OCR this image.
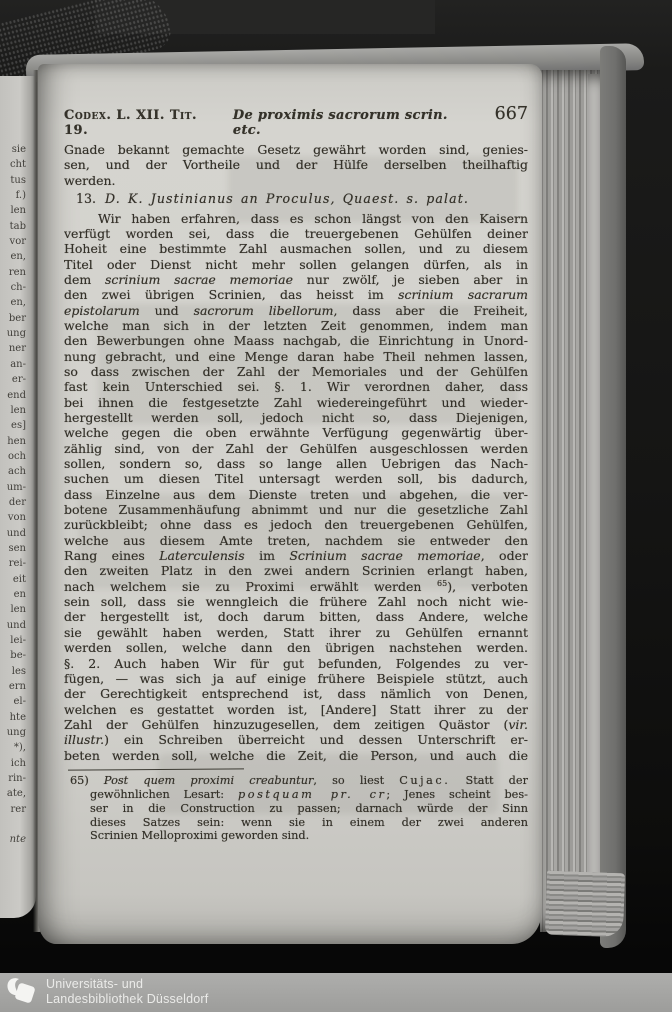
sie
cht
tus
f.)
len
tab
vor
en,
ren
ch-
en,
ber
ung
ner
an-
er-
end
len
es]
hen
och
ach
um-
der
von
und
sen
rei-
eit
en
len
und
lei-
be-
les
ern
el-
hte
ung
*),
ich
rin-
ate,
rer

nte
Codex. L. XII. Tit. 19.
De proximis sacrorum scrin. etc.
667
Gnade bekannt gemachte Gesetz gewährt worden sind, genies-
sen, und der Vortheile und der Hülfe derselben theilhaftig
werden.
13. D. K. Justinianus an Proculus, Quaest. s. palat.
Wir haben erfahren, dass es schon längst von den Kaisern
verfügt worden sei, dass die treuergebenen Gehülfen deiner
Hoheit eine bestimmte Zahl ausmachen sollen, und zu diesem
Titel oder Dienst nicht mehr sollen gelangen dürfen, als in
dem scrinium sacrae memoriae nur zwölf, je sieben aber in
den zwei übrigen Scrinien, das heisst im scrinium sacrarum
epistolarum und sacrorum libellorum, dass aber die Freiheit,
welche man sich in der letzten Zeit genommen, indem man
den Bewerbungen ohne Maass nachgab, die Einrichtung in Unord-
nung gebracht, und eine Menge daran habe Theil nehmen lassen,
so dass zwischen der Zahl der Memoriales und der Gehülfen
fast kein Unterschied sei. §. 1. Wir verordnen daher, dass
bei ihnen die festgesetzte Zahl wiedereingeführt und wieder-
hergestellt werden soll, jedoch nicht so, dass Diejenigen,
welche gegen die oben erwähnte Verfügung gegenwärtig über-
zählig sind, von der Zahl der Gehülfen ausgeschlossen werden
sollen, sondern so, dass so lange allen Uebrigen das Nach-
suchen um diesen Titel untersagt werden soll, bis dadurch,
dass Einzelne aus dem Dienste treten und abgehen, die ver-
botene Zusammenhäufung abnimmt und nur die gesetzliche Zahl
zurückbleibt; ohne dass es jedoch den treuergebenen Gehülfen,
welche aus diesem Amte treten, nachdem sie entweder den
Rang eines Laterculensis im Scrinium sacrae memoriae, oder
den zweiten Platz in den zwei andern Scrinien erlangt haben,
nach welchem sie zu Proximi erwählt werden $^{65}$), verboten
sein soll, dass sie wenngleich die frühere Zahl noch nicht wie-
der hergestellt ist, doch darum bitten, dass Andere, welche
sie gewählt haben werden, Statt ihrer zu Gehülfen ernannt
werden sollen, welche dann den übrigen nachstehen werden.
§. 2. Auch haben Wir für gut befunden, Folgendes zu ver-
fügen, — was sich ja auf einige frühere Beispiele stützt, auch
der Gerechtigkeit entsprechend ist, dass nämlich von Denen,
welchen es gestattet worden ist, [Andere] Statt ihrer zu der
Zahl der Gehülfen hinzuzugesellen, dem zeitigen Quästor (vir.
illustr.) ein Schreiben überreicht und dessen Unterschrift er-
beten werden soll, welche die Zeit, die Person, und auch die
65) Post quem proximi creabuntur, so liest Cujac. Statt der
gewöhnlichen Lesart: postquam pr. cr; Jenes scheint bes-
ser in die Construction zu passen; darnach würde der Sinn
dieses Satzes sein: wenn sie in einem der zwei anderen
Scrinien Melloproximi geworden sind.
Universitäts- und
Landesbibliothek Düsseldorf
